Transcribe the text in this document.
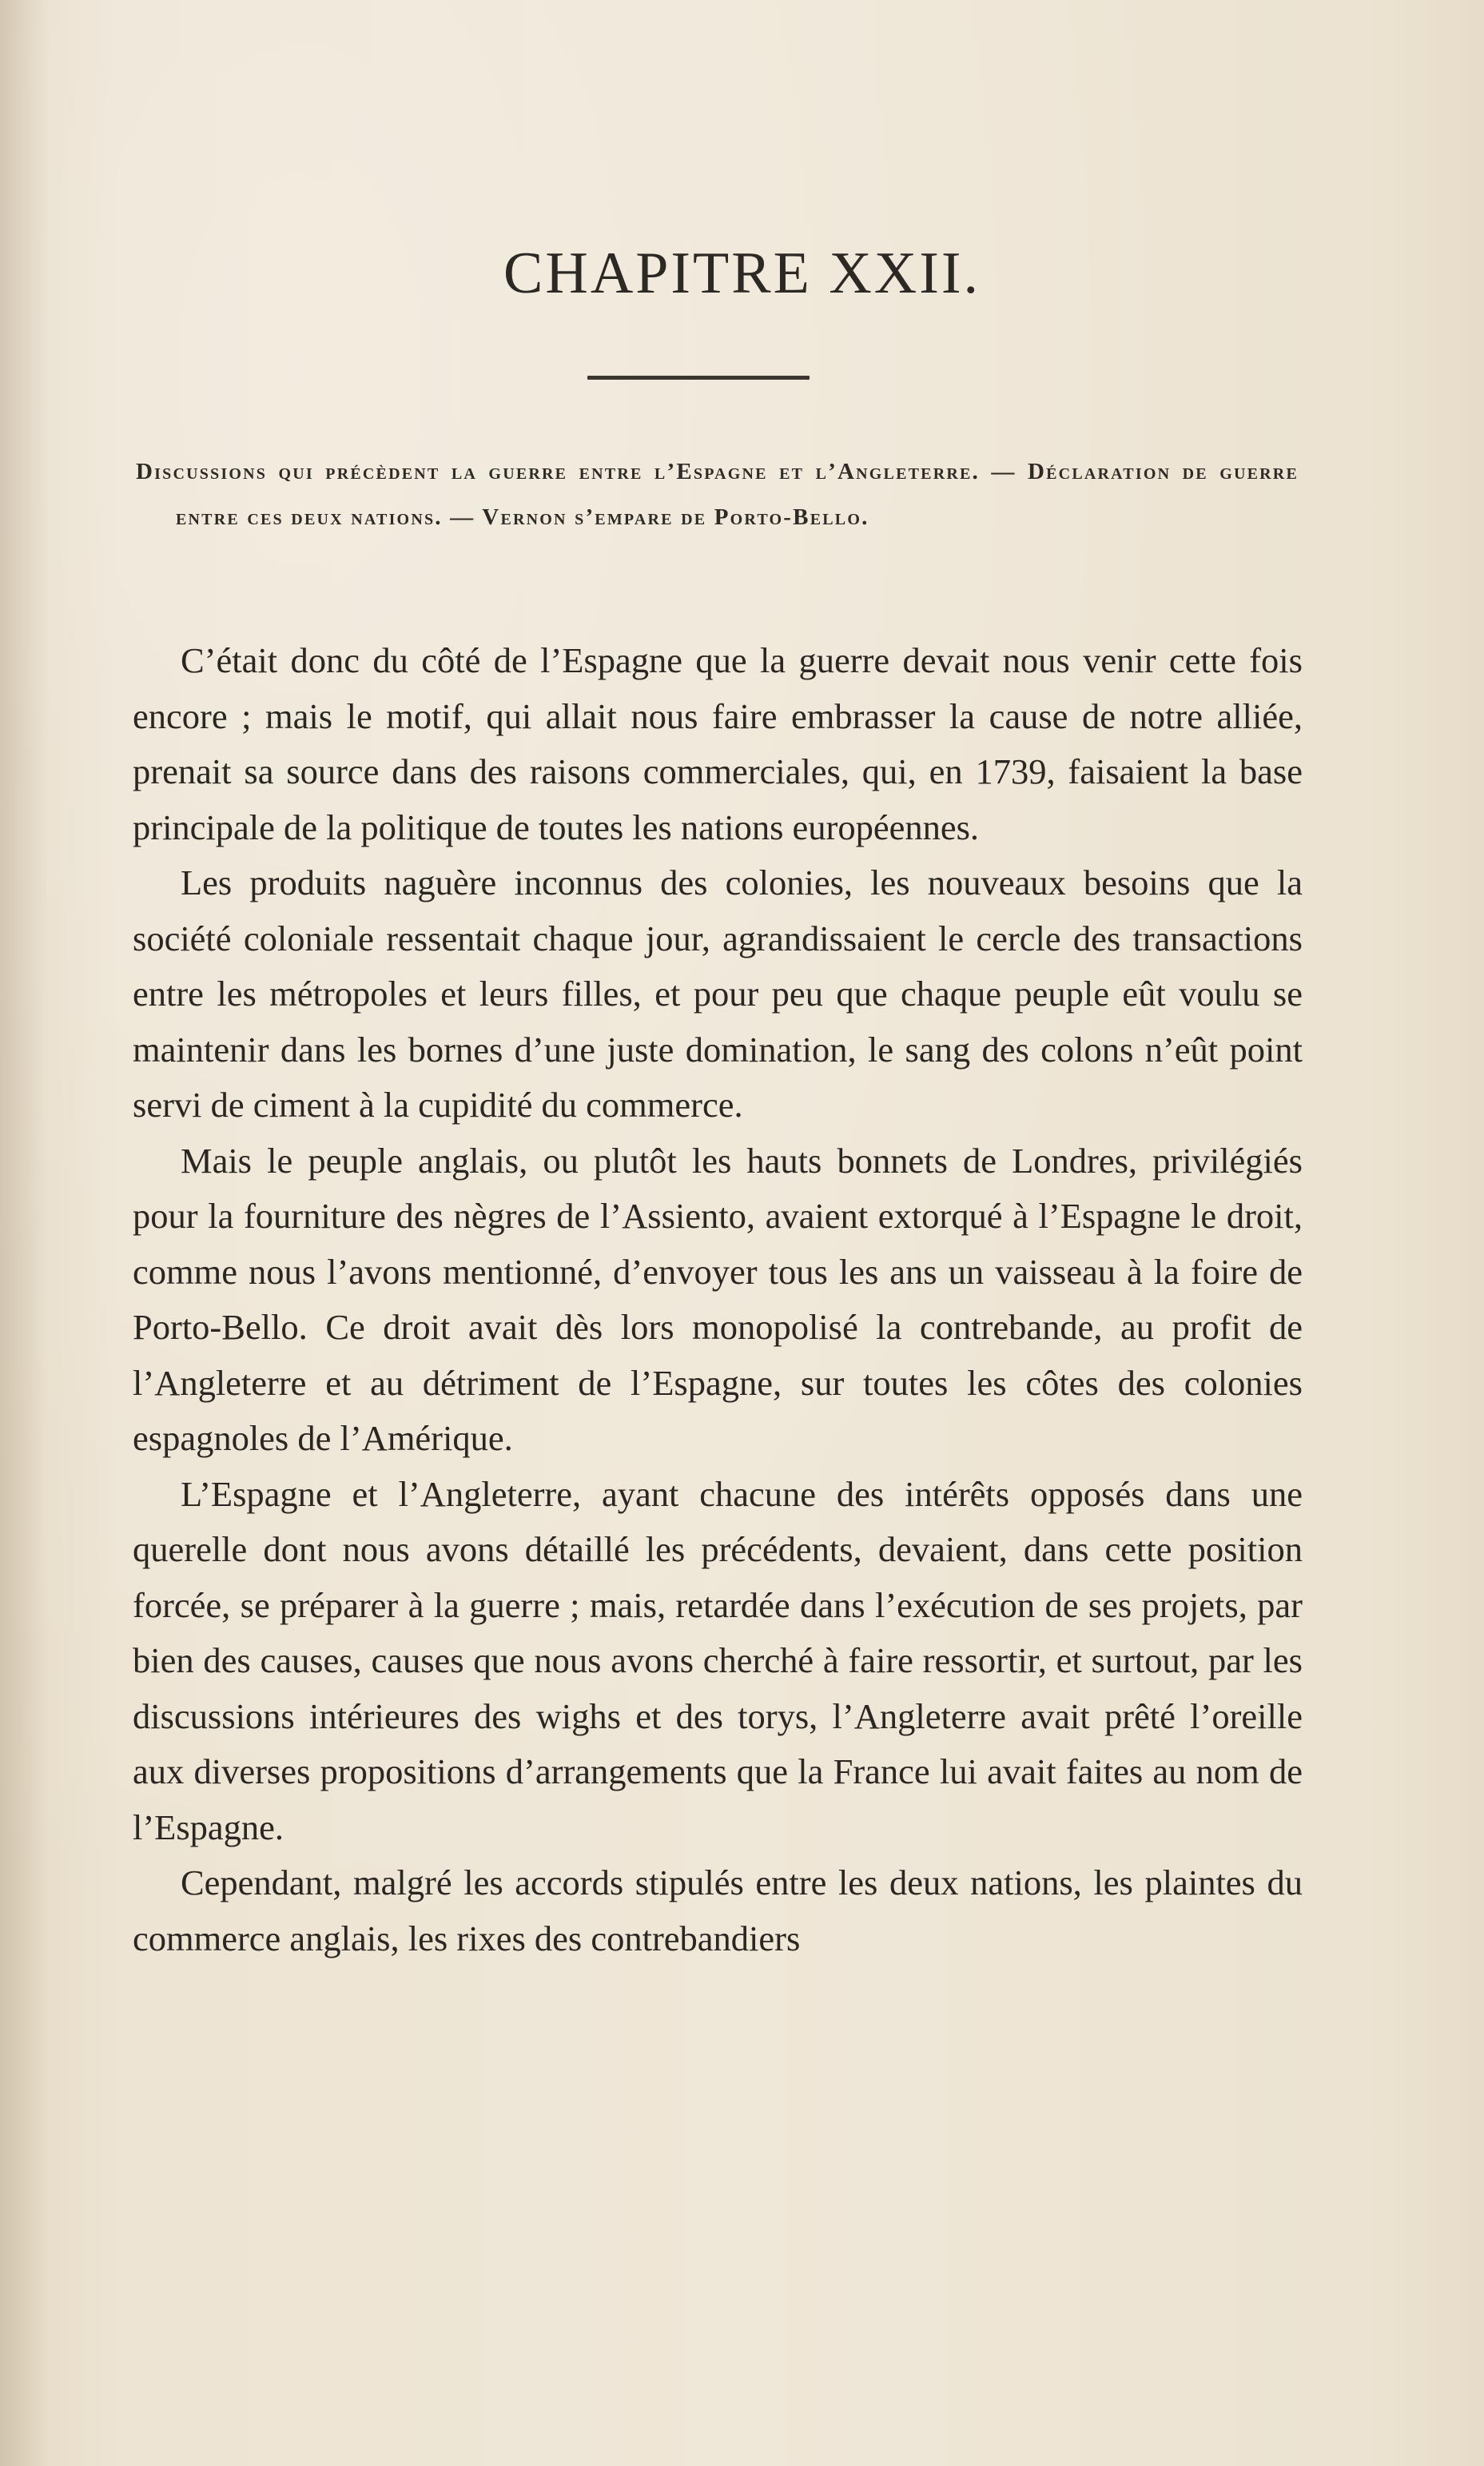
CHAPITRE XXII.

Discussions qui précèdent la guerre entre l’Espagne et l’Angleterre. — Déclaration de guerre entre ces deux nations. — Vernon s’empare de Porto-Bello.

C’était donc du côté de l’Espagne que la guerre devait nous venir cette fois encore ; mais le motif, qui allait nous faire embrasser la cause de notre alliée, prenait sa source dans des raisons commerciales, qui, en 1739, faisaient la base principale de la politique de toutes les nations européennes.

Les produits naguère inconnus des colonies, les nouveaux besoins que la société coloniale ressentait chaque jour, agrandissaient le cercle des transactions entre les métropoles et leurs filles, et pour peu que chaque peuple eût voulu se maintenir dans les bornes d’une juste domination, le sang des colons n’eût point servi de ciment à la cupidité du commerce.

Mais le peuple anglais, ou plutôt les hauts bonnets de Londres, privilégiés pour la fourniture des nègres de l’Assiento, avaient extorqué à l’Espagne le droit, comme nous l’avons mentionné, d’envoyer tous les ans un vaisseau à la foire de Porto-Bello. Ce droit avait dès lors monopolisé la contrebande, au profit de l’Angleterre et au détriment de l’Espagne, sur toutes les côtes des colonies espagnoles de l’Amérique.

L’Espagne et l’Angleterre, ayant chacune des intérêts opposés dans une querelle dont nous avons détaillé les précédents, devaient, dans cette position forcée, se préparer à la guerre ; mais, retardée dans l’exécution de ses projets, par bien des causes, causes que nous avons cherché à faire ressortir, et surtout, par les discussions intérieures des wighs et des torys, l’Angleterre avait prêté l’oreille aux diverses propositions d’arrangements que la France lui avait faites au nom de l’Espagne.

Cependant, malgré les accords stipulés entre les deux nations, les plaintes du commerce anglais, les rixes des contrebandiers
